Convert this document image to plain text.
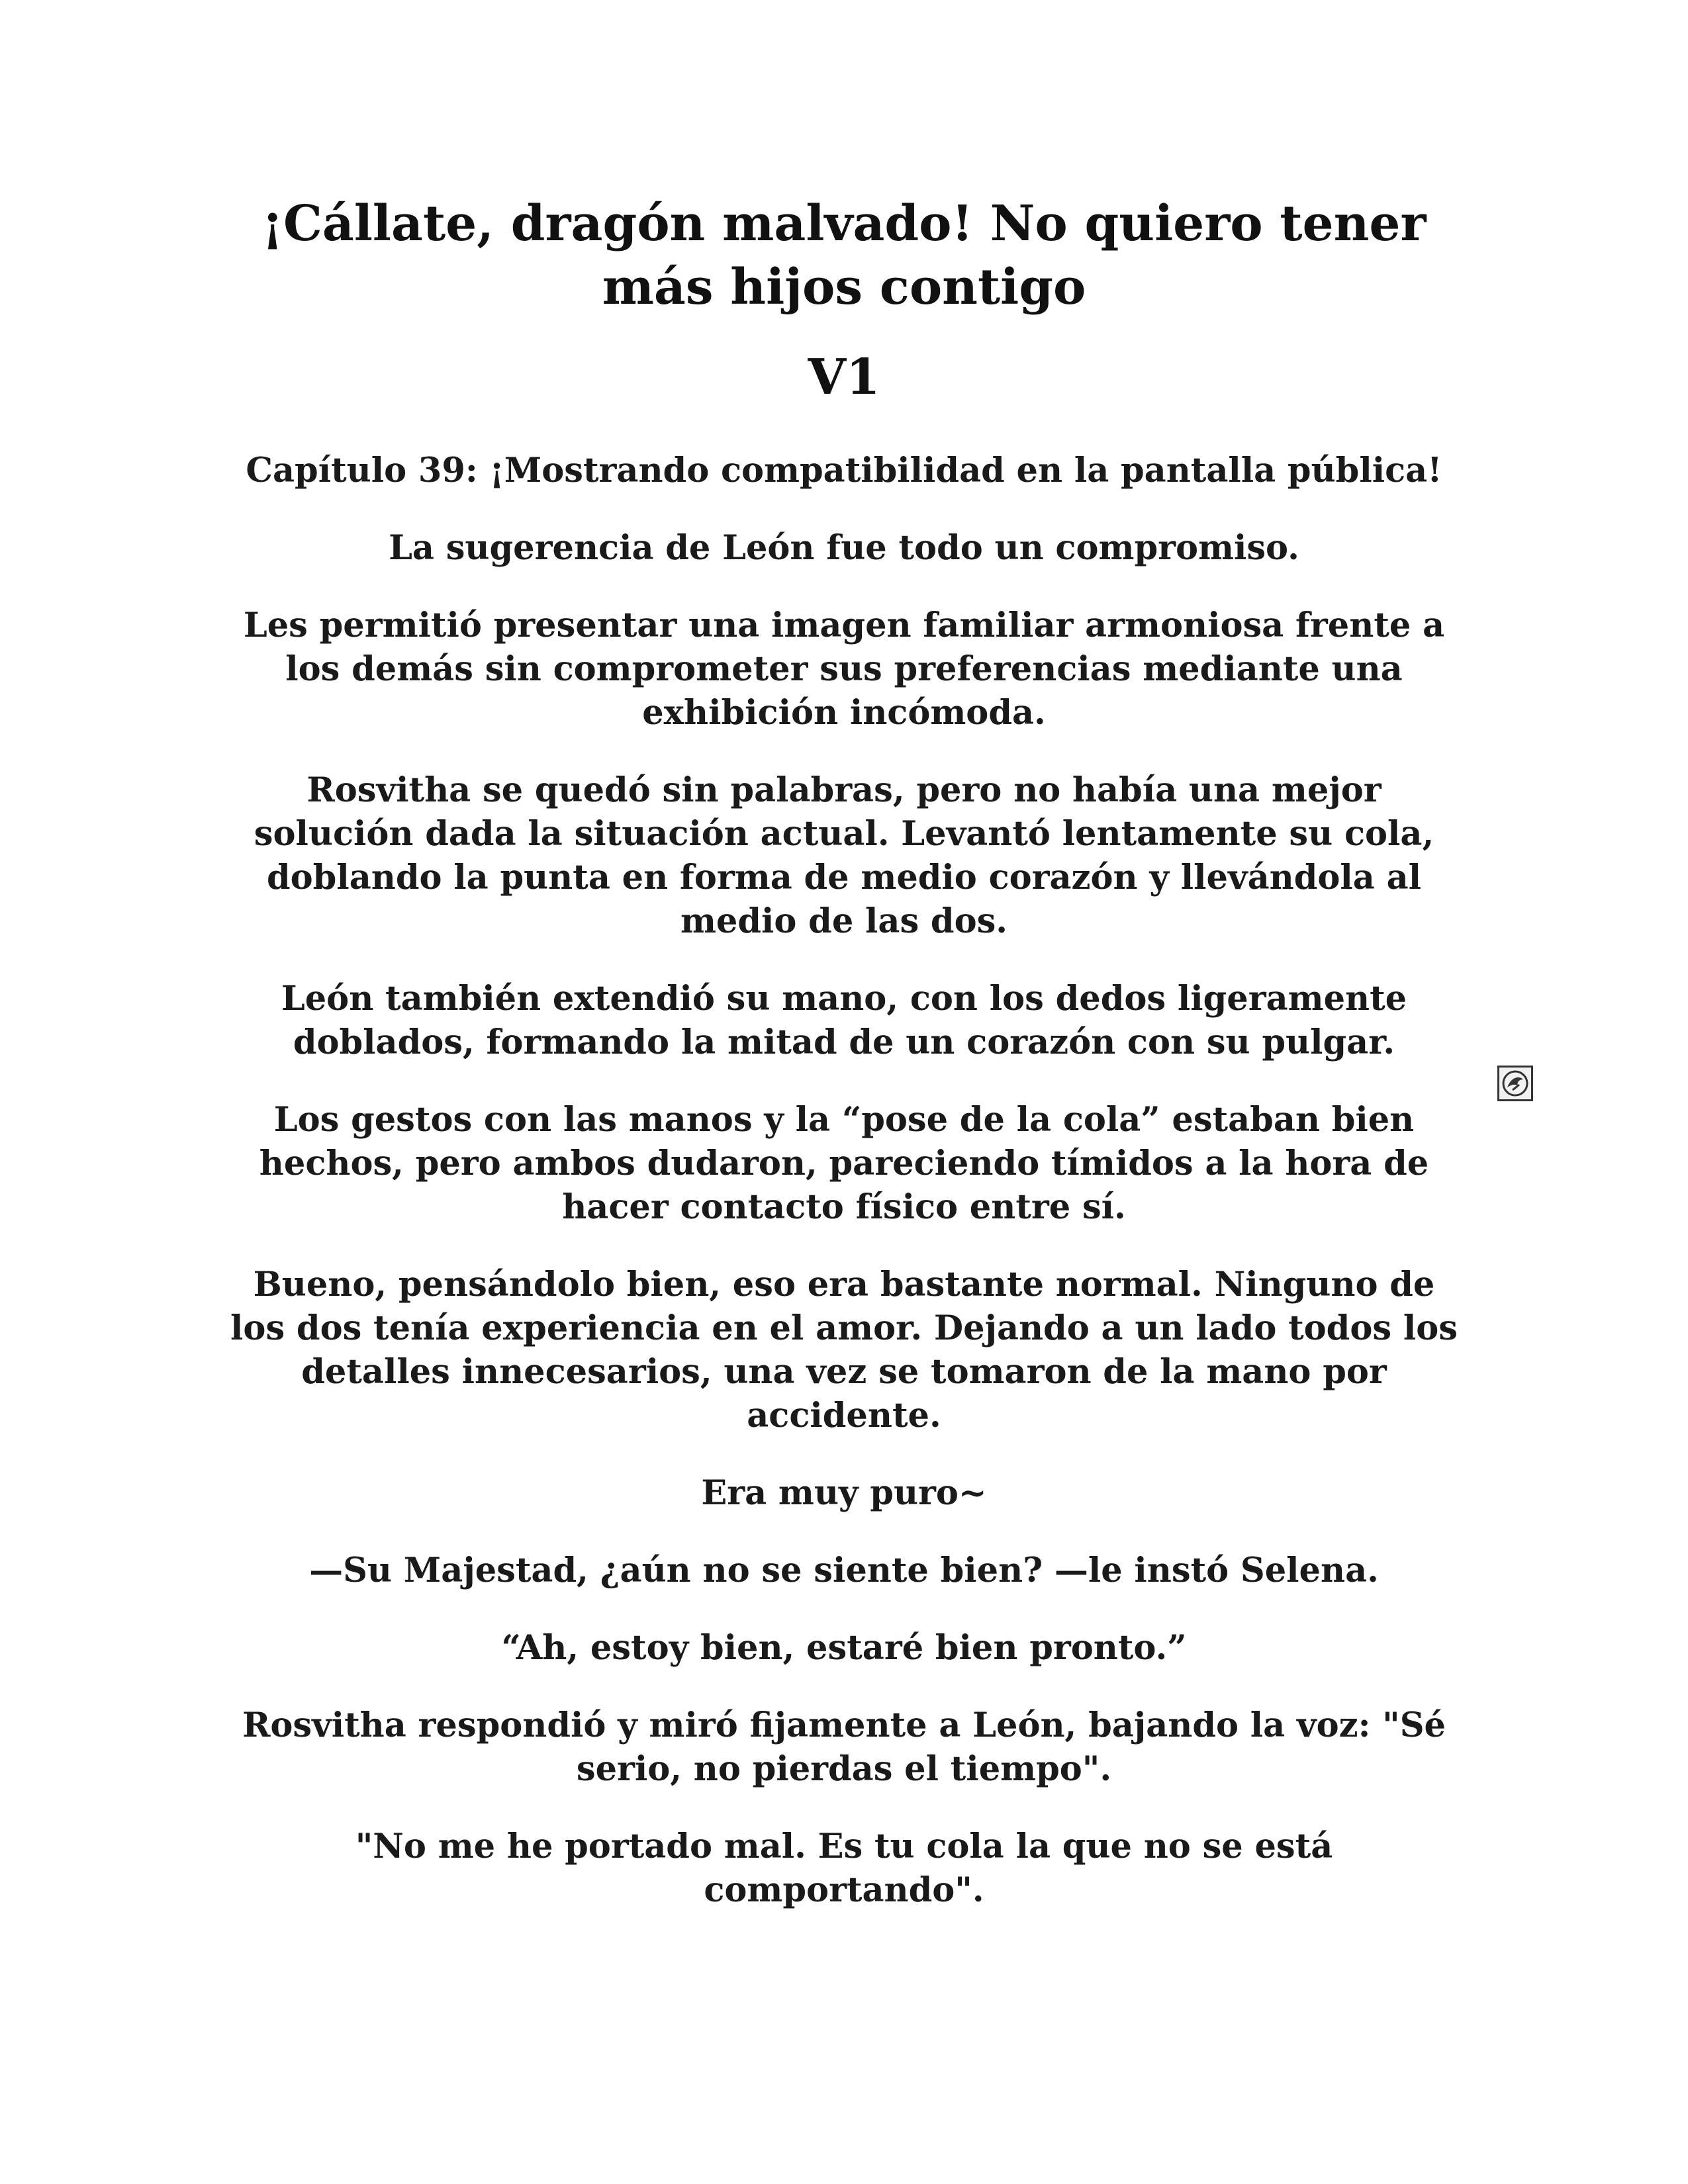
¡Cállate, dragón malvado! No quiero tener
más hijos contigo
V1
Capítulo 39: ¡Mostrando compatibilidad en la pantalla pública!

La sugerencia de León fue todo un compromiso.

Les permitió presentar una imagen familiar armoniosa frente a los demás sin comprometer sus preferencias mediante una exhibición incómoda.

Rosvitha se quedó sin palabras, pero no había una mejor solución dada la situación actual. Levantó lentamente su cola, doblando la punta en forma de medio corazón y llevándola al medio de las dos.

León también extendió su mano, con los dedos ligeramente doblados, formando la mitad de un corazón con su pulgar.

Los gestos con las manos y la “pose de la cola” estaban bien hechos, pero ambos dudaron, pareciendo tímidos a la hora de hacer contacto físico entre sí.

Bueno, pensándolo bien, eso era bastante normal. Ninguno de los dos tenía experiencia en el amor. Dejando a un lado todos los detalles innecesarios, una vez se tomaron de la mano por accidente.

Era muy puro~

—Su Majestad, ¿aún no se siente bien? —le instó Selena.

“Ah, estoy bien, estaré bien pronto.”

Rosvitha respondió y miró fijamente a León, bajando la voz: "Sé serio, no pierdas el tiempo".

"No me he portado mal. Es tu cola la que no se está comportando".
